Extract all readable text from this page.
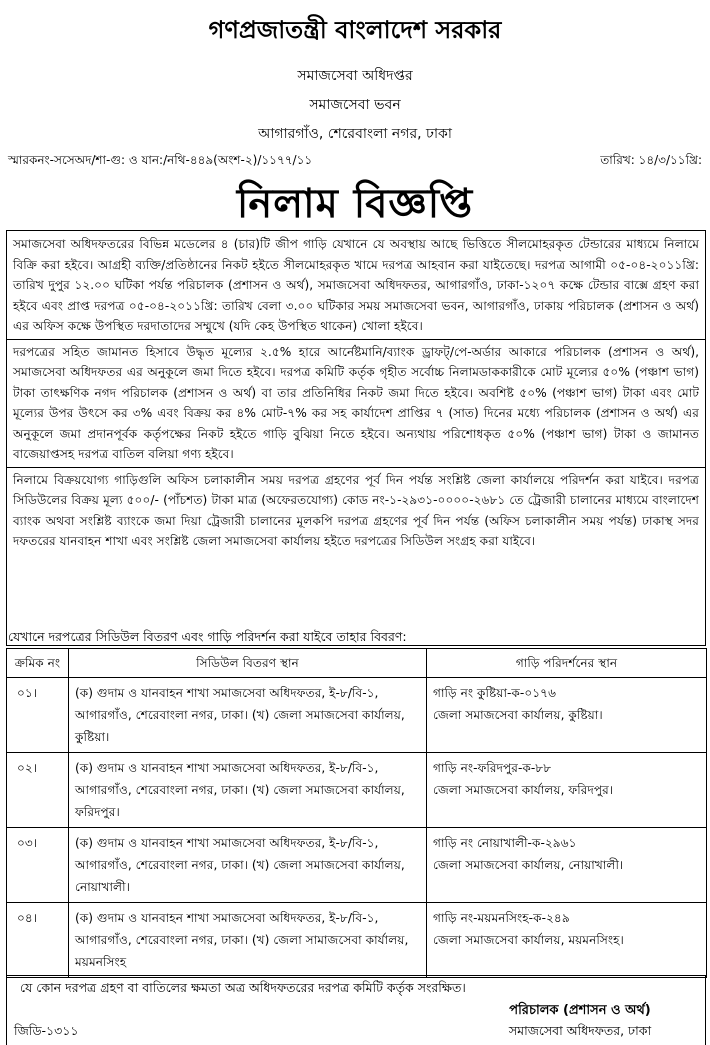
গণপ্রজাতন্ত্রী বাংলাদেশ সরকার
সমাজসেবা অধিদপ্তর
সমাজসেবা ভবন
আগারগাঁও, শেরেবাংলা নগর, ঢাকা
স্মারকনং-সসেঅদ/শা-গু: ও যান:/নথি-৪৪৯(অংশ-২)/১১৭৭/১১	তারিখ: ১৪/৩/১১খ্রি:
নিলাম বিজ্ঞপ্তি

সমাজসেবা অধিদফতরের বিভিন্ন মডেলের ৪ (চার)টি জীপ গাড়ি যেখানে যে অবস্থায় আছে ভিত্তিতে সীলমোহরকৃত টেন্ডারের মাধ্যমে নিলামে বিক্রি করা হইবে। আগ্রহী ব্যক্তি/প্রতিষ্ঠানের নিকট হইতে সীলমোহরকৃত খামে দরপত্র আহবান করা যাইতেছে। দরপত্র আগামী ০৫-০৪-২০১১খ্রি: তারিখ দুপুর ১২.০০ ঘটিকা পর্যন্ত পরিচালক (প্রশাসন ও অর্থ), সমাজসেবা অধিদফতর, আগারগাঁও, ঢাকা-১২০৭ কক্ষে টেন্ডার বাক্সে গ্রহণ করা হইবে এবং প্রাপ্ত দরপত্র ০৫-০৪-২০১১খ্রি: তারিখ বেলা ৩.০০ ঘটিকার সময় সমাজসেবা ভবন, আগারগাঁও, ঢাকায় পরিচালক (প্রশাসন ও অর্থ) এর অফিস কক্ষে উপস্থিত দরদাতাদের সম্মুখে (যদি কেহ উপস্থিত থাকেন) খোলা হইবে।

দরপত্রের সহিত জামানত হিসাবে উদ্ধৃত মূল্যের ২.৫% হারে আর্নেষ্টমানি/ব্যাংক ড্রাফট্/পে-অর্ডার আকারে পরিচালক (প্রশাসন ও অর্থ), সমাজসেবা অধিদফতর এর অনুকূলে জমা দিতে হইবে। দরপত্র কমিটি কর্তৃক গৃহীত সর্বোচ্চ নিলামডাককারীকে মোট মূল্যের ৫০% (পঞ্চাশ ভাগ) টাকা তাৎক্ষণিক নগদ পরিচালক (প্রশাসন ও অর্থ) বা তার প্রতিনিধির নিকট জমা দিতে হইবে। অবশিষ্ট ৫০% (পঞ্চাশ ভাগ) টাকা এবং মোট মূল্যের উপর উৎসে কর ৩% এবং বিক্রয় কর ৪% মোট-৭% কর সহ কার্যাদেশ প্রাপ্তির ৭ (সাত) দিনের মধ্যে পরিচালক (প্রশাসন ও অর্থ) এর অনুকূলে জমা প্রদানপূর্বক কর্তৃপক্ষের নিকট হইতে গাড়ি বুঝিয়া নিতে হইবে। অন্যথায় পরিশোধকৃত ৫০% (পঞ্চাশ ভাগ) টাকা ও জামানত বাজেয়াপ্তসহ দরপত্র বাতিল বলিয়া গণ্য হইবে।

নিলামে বিক্রয়যোগ্য গাড়িগুলি অফিস চলাকালীন সময় দরপত্র গ্রহণের পূর্ব দিন পর্যন্ত সংশ্লিষ্ট জেলা কার্যালয়ে পরিদর্শন করা যাইবে। দরপত্র সিডিউলের বিক্রয় মূল্য ৫০০/- (পাঁচশত) টাকা মাত্র (অফেরতযোগ্য) কোড নং-১-২৯৩১-০০০০-২৬৮১ তে ট্রেজারী চালানের মাধ্যমে বাংলাদেশ ব্যাংক অথবা সংশ্লিষ্ট ব্যাংকে জমা দিয়া ট্রেজারী চালানের মূলকপি দরপত্র গ্রহণের পূর্ব দিন পর্যন্ত (অফিস চলাকালীন সময় পর্যন্ত) ঢাকাস্থ সদর দফতরের যানবাহন শাখা এবং সংশ্লিষ্ট জেলা সমাজসেবা কার্যালয় হইতে দরপত্রের সিডিউল সংগ্রহ করা যাইবে।

যেখানে দরপত্রের সিডিউল বিতরণ এবং গাড়ি পরিদর্শন করা যাইবে তাহার বিবরণ:
ক্রমিক নং	সিডিউল বিতরণ স্থান	গাড়ি পরিদর্শনের স্থান
০১।	(ক) গুদাম ও যানবাহন শাখা সমাজসেবা অধিদফতর, ই-৮/বি-১, আগারগাঁও, শেরেবাংলা নগর, ঢাকা। (খ) জেলা সমাজসেবা কার্যালয়, কুষ্টিয়া।	গাড়ি নং কুষ্টিয়া-ক-০১৭৬
জেলা সমাজসেবা কার্যালয়, কুষ্টিয়া।

০২।	(ক) গুদাম ও যানবাহন শাখা সমাজসেবা অধিদফতর, ই-৮/বি-১, আগারগাঁও, শেরেবাংলা নগর, ঢাকা। (খ) জেলা সমাজসেবা কার্যালয়, ফরিদপুর।	গাড়ি নং-ফরিদপুর-ক-৮৮
জেলা সমাজসেবা কার্যালয়, ফরিদপুর।

০৩।	(ক) গুদাম ও যানবাহন শাখা সমাজসেবা অধিদফতর, ই-৮/বি-১, আগারগাঁও, শেরেবাংলা নগর, ঢাকা। (খ) জেলা সমাজসেবা কার্যালয়, নোয়াখালী।	গাড়ি নং নোয়াখালী-ক-২৯৬১
জেলা সমাজসেবা কার্যালয়, নোয়াখালী।

০৪।	(ক) গুদাম ও যানবাহন শাখা সমাজসেবা অধিদফতর, ই-৮/বি-১, আগারগাঁও, শেরেবাংলা নগর, ঢাকা। (খ) জেলা সামাজসেবা কার্যালয়, ময়মনসিংহ	গাড়ি নং-ময়মনসিংহ-ক-২৪৯
জেলা সমাজসেবা কার্যালয়, ময়মনসিংহ।
যে কোন দরপত্র গ্রহণ বা বাতিলের ক্ষমতা অত্র অধিদফতরের দরপত্র কমিটি কর্তৃক সংরক্ষিত।
পরিচালক (প্রশাসন ও অর্থ)
সমাজসেবা অধিদফতর, ঢাকা
জিডি-১৩১১
